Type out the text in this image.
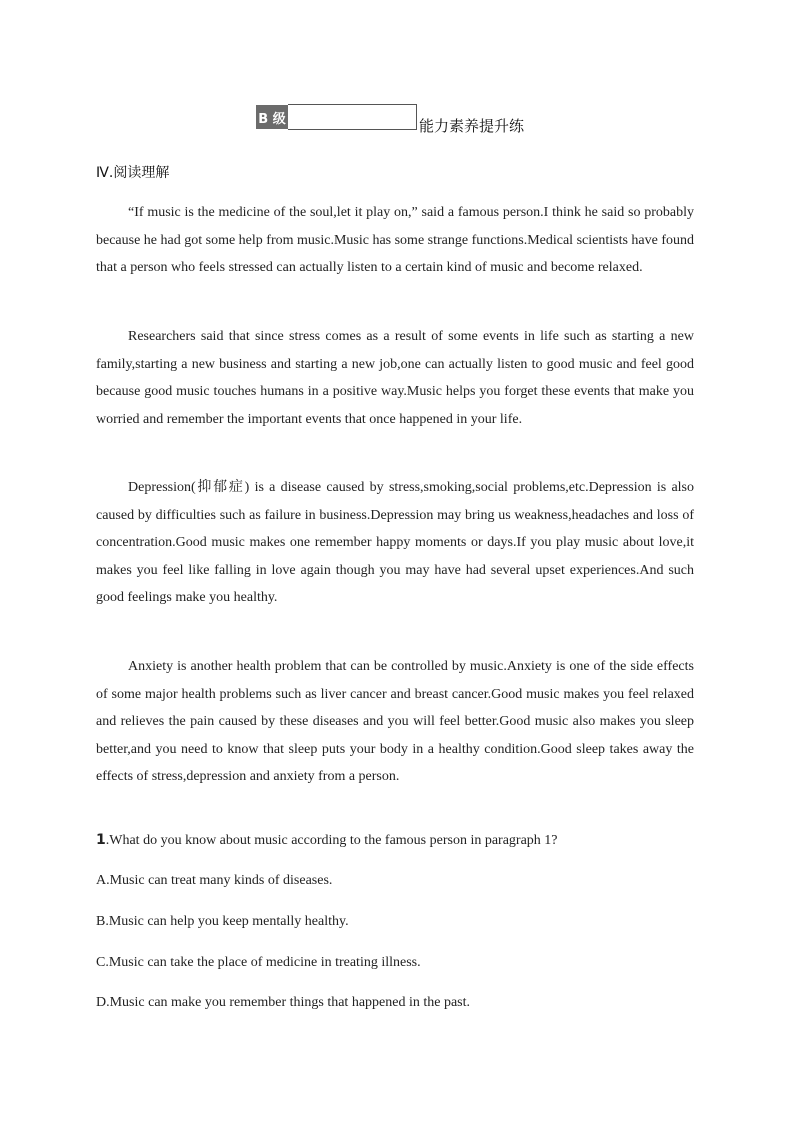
B 级	能力素养提升练
Ⅳ.阅读理解

“If music is the medicine of the soul,let it play on,” said a famous person.I think he said so probably because he had got some help from music.Music has some strange functions.Medical scientists have found that a person who feels stressed can actually listen to a certain kind of music and become relaxed.

Researchers said that since stress comes as a result of some events in life such as starting a new family,starting a new business and starting a new job,one can actually listen to good music and feel good because good music touches humans in a positive way.Music helps you forget these events that make you worried and remember the important events that once happened in your life.

Depression(抑郁症) is a disease caused by stress,smoking,social problems,etc.Depression is also caused by difficulties such as failure in business.Depression may bring us weakness,headaches and loss of concentration.Good music makes one remember happy moments or days.If you play music about love,it makes you feel like falling in love again though you may have had several upset experiences.And such good feelings make you healthy.

Anxiety is another health problem that can be controlled by music.Anxiety is one of the side effects of some major health problems such as liver cancer and breast cancer.Good music makes you feel relaxed and relieves the pain caused by these diseases and you will feel better.Good music also makes you sleep better,and you need to know that sleep puts your body in a healthy condition.Good sleep takes away the effects of stress,depression and anxiety from a person.

1.What do you know about music according to the famous person in paragraph 1?
A.Music can treat many kinds of diseases.
B.Music can help you keep mentally healthy.
C.Music can take the place of medicine in treating illness.
D.Music can make you remember things that happened in the past.
